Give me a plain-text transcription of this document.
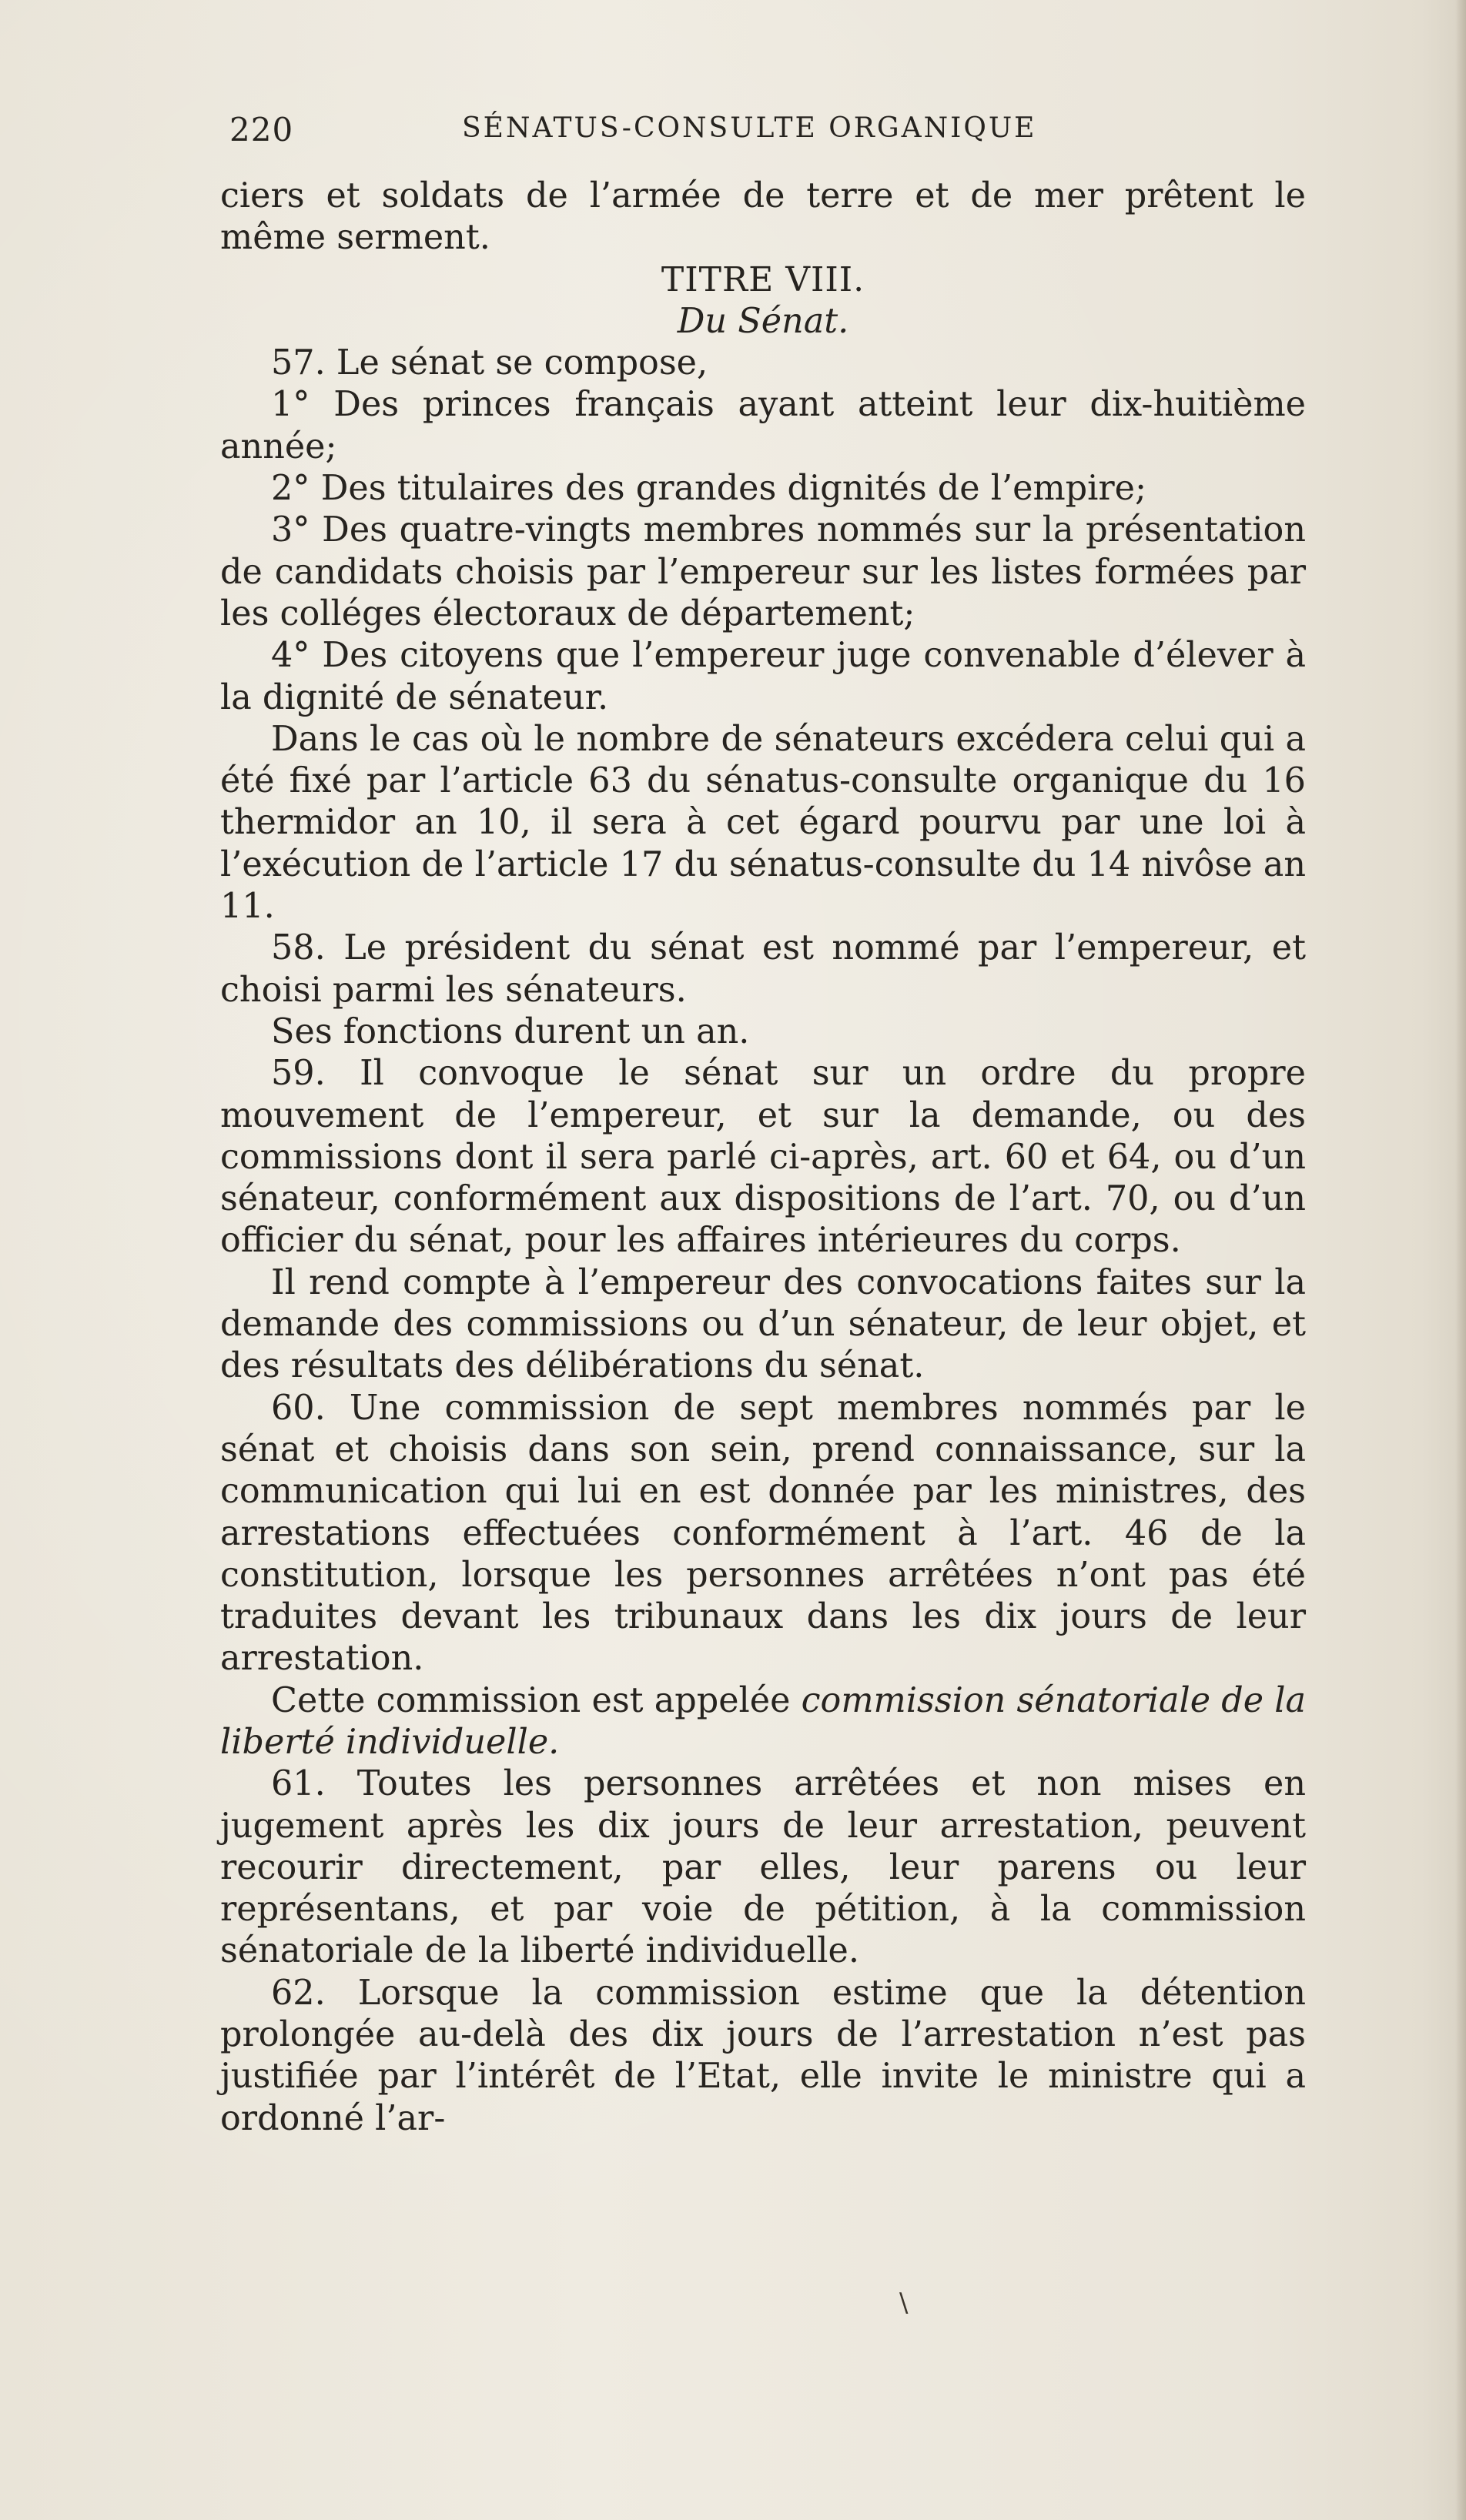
220	SÉNATUS-CONSULTE ORGANIQUE

ciers et soldats de l’armée de terre et de mer prêtent le même serment.

TITRE VIII.

Du Sénat.

57. Le sénat se compose,

1° Des princes français ayant atteint leur dix-huitième année;

2° Des titulaires des grandes dignités de l’empire;

3° Des quatre-vingts membres nommés sur la présentation de candidats choisis par l’empereur sur les listes formées par les colléges électoraux de département;

4° Des citoyens que l’empereur juge convenable d’élever à la dignité de sénateur.

Dans le cas où le nombre de sénateurs excédera celui qui a été fixé par l’article 63 du sénatus-consulte organique du 16 thermidor an 10, il sera à cet égard pourvu par une loi à l’exécution de l’article 17 du sénatus-consulte du 14 nivôse an 11.

58. Le président du sénat est nommé par l’empereur, et choisi parmi les sénateurs.

Ses fonctions durent un an.

59. Il convoque le sénat sur un ordre du propre mouvement de l’empereur, et sur la demande, ou des commissions dont il sera parlé ci-après, art. 60 et 64, ou d’un sénateur, conformément aux dispositions de l’art. 70, ou d’un officier du sénat, pour les affaires intérieures du corps.

Il rend compte à l’empereur des convocations faites sur la demande des commissions ou d’un sénateur, de leur objet, et des résultats des délibérations du sénat.

60. Une commission de sept membres nommés par le sénat et choisis dans son sein, prend connaissance, sur la communication qui lui en est donnée par les ministres, des arrestations effectuées conformément à l’art. 46 de la constitution, lorsque les personnes arrêtées n’ont pas été traduites devant les tribunaux dans les dix jours de leur arrestation.

Cette commission est appelée commission sénatoriale de la liberté individuelle.

61. Toutes les personnes arrêtées et non mises en jugement après les dix jours de leur arrestation, peuvent recourir directement, par elles, leur parens ou leur représentans, et par voie de pétition, à la commission sénatoriale de la liberté individuelle.

62. Lorsque la commission estime que la détention prolongée au-delà des dix jours de l’arrestation n’est pas justifiée par l’intérêt de l’Etat, elle invite le ministre qui a ordonné l’ar-

\
